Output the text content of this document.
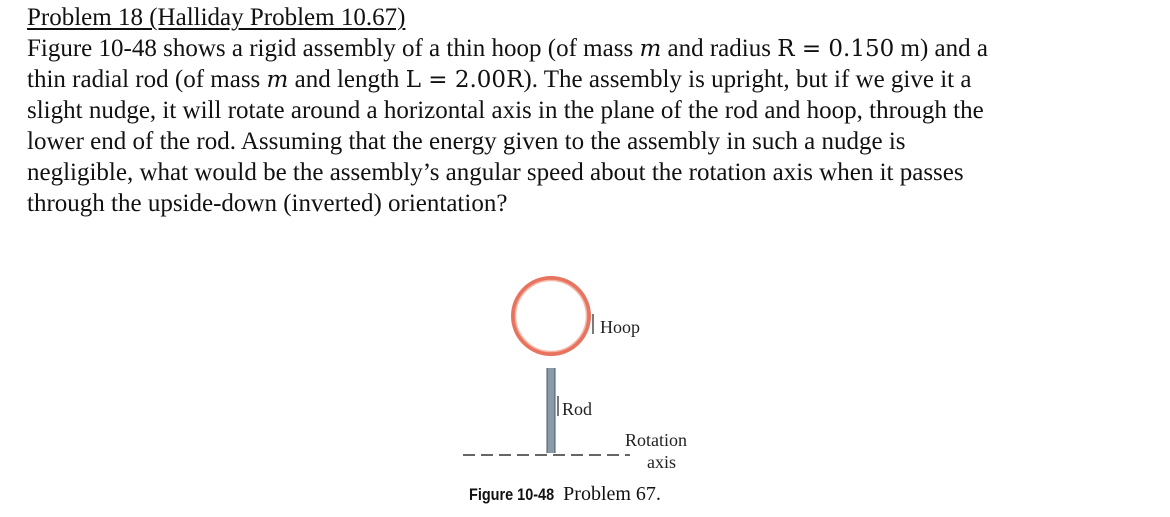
Problem 18 (Halliday Problem 10.67)
Figure 10-48 shows a rigid assembly of a thin hoop (of mass m and radius R = 0.150 m) and a
thin radial rod (of mass m and length L = 2.00R). The assembly is upright, but if we give it a
slight nudge, it will rotate around a horizontal axis in the plane of the rod and hoop, through the
lower end of the rod. Assuming that the energy given to the assembly in such a nudge is
negligible, what would be the assembly’s angular speed about the rotation axis when it passes
through the upside-down (inverted) orientation?
Hoop
Rod
Rotation
axis
Figure 10-48 Problem 67.
